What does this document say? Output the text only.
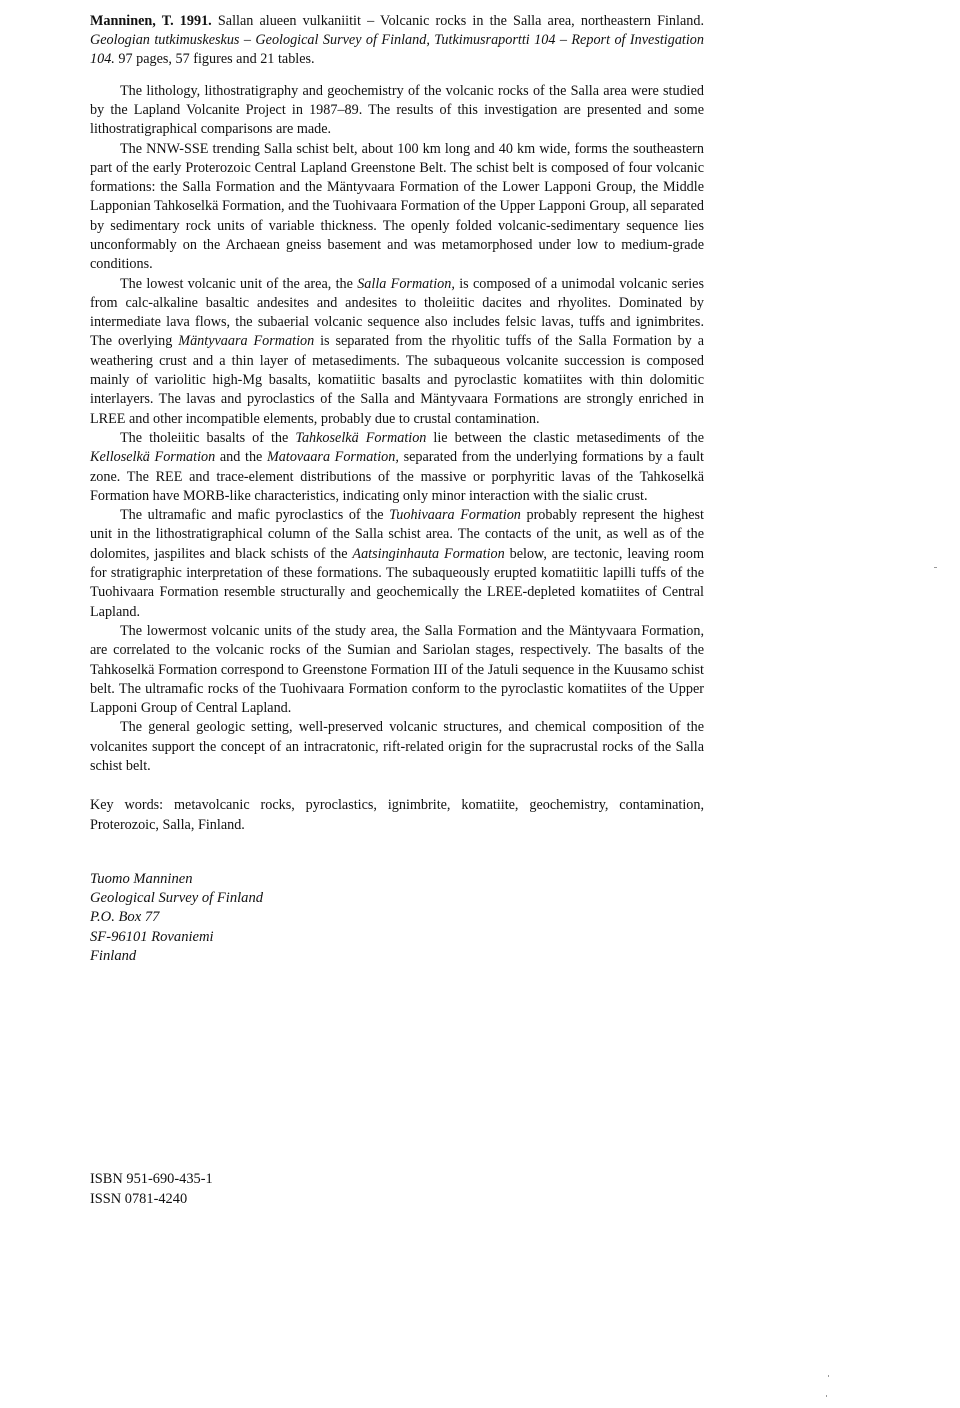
Manninen, T. 1991. Sallan alueen vulkaniitit – Volcanic rocks in the Salla area, northeastern Finland. Geologian tutkimuskeskus – Geological Survey of Finland, Tutkimusraportti 104 – Report of Investigation 104. 97 pages, 57 figures and 21 tables.

The lithology, lithostratigraphy and geochemistry of the volcanic rocks of the Salla area were studied by the Lapland Volcanite Project in 1987–89. The results of this investigation are presented and some lithostratigraphical comparisons are made.

The NNW-SSE trending Salla schist belt, about 100 km long and 40 km wide, forms the southeastern part of the early Proterozoic Central Lapland Greenstone Belt. The schist belt is composed of four volcanic formations: the Salla Formation and the Mäntyvaara Formation of the Lower Lapponi Group, the Middle Lapponian Tahkoselkä Formation, and the Tuohivaara Formation of the Upper Lapponi Group, all separated by sedimentary rock units of variable thickness. The openly folded volcanic-sedimentary sequence lies unconformably on the Archaean gneiss basement and was metamorphosed under low to medium-grade conditions.

The lowest volcanic unit of the area, the Salla Formation, is composed of a unimodal volcanic series from calc-alkaline basaltic andesites and andesites to tholeiitic dacites and rhyolites. Dominated by intermediate lava flows, the subaerial volcanic sequence also includes felsic lavas, tuffs and ignimbrites. The overlying Mäntyvaara Formation is separated from the rhyolitic tuffs of the Salla Formation by a weathering crust and a thin layer of metasediments. The subaqueous volcanite succession is composed mainly of variolitic high-Mg basalts, komatiitic basalts and pyroclastic komatiites with thin dolomitic interlayers. The lavas and pyroclastics of the Salla and Mäntyvaara Formations are strongly enriched in LREE and other incompatible elements, probably due to crustal contamination.

The tholeiitic basalts of the Tahkoselkä Formation lie between the clastic metasediments of the Kelloselkä Formation and the Matovaara Formation, separated from the underlying formations by a fault zone. The REE and trace-element distributions of the massive or porphyritic lavas of the Tahkoselkä Formation have MORB-like characteristics, indicating only minor interaction with the sialic crust.

The ultramafic and mafic pyroclastics of the Tuohivaara Formation probably represent the highest unit in the lithostratigraphical column of the Salla schist area. The contacts of the unit, as well as of the dolomites, jaspilites and black schists of the Aatsinginhauta Formation below, are tectonic, leaving room for stratigraphic interpretation of these formations. The subaqueously erupted komatiitic lapilli tuffs of the Tuohivaara Formation resemble structurally and geochemically the LREE-depleted komatiites of Central Lapland.

The lowermost volcanic units of the study area, the Salla Formation and the Mäntyvaara Formation, are correlated to the volcanic rocks of the Sumian and Sariolan stages, respectively. The basalts of the Tahkoselkä Formation correspond to Greenstone Formation III of the Jatuli sequence in the Kuusamo schist belt. The ultramafic rocks of the Tuohivaara Formation conform to the pyroclastic komatiites of the Upper Lapponi Group of Central Lapland.

The general geologic setting, well-preserved volcanic structures, and chemical composition of the volcanites support the concept of an intracratonic, rift-related origin for the supracrustal rocks of the Salla schist belt.

Key words: metavolcanic rocks, pyroclastics, ignimbrite, komatiite, geochemistry, contamination, Proterozoic, Salla, Finland.
Tuomo Manninen
Geological Survey of Finland
P.O. Box 77
SF-96101 Rovaniemi
Finland
ISBN 951-690-435-1
ISSN 0781-4240
